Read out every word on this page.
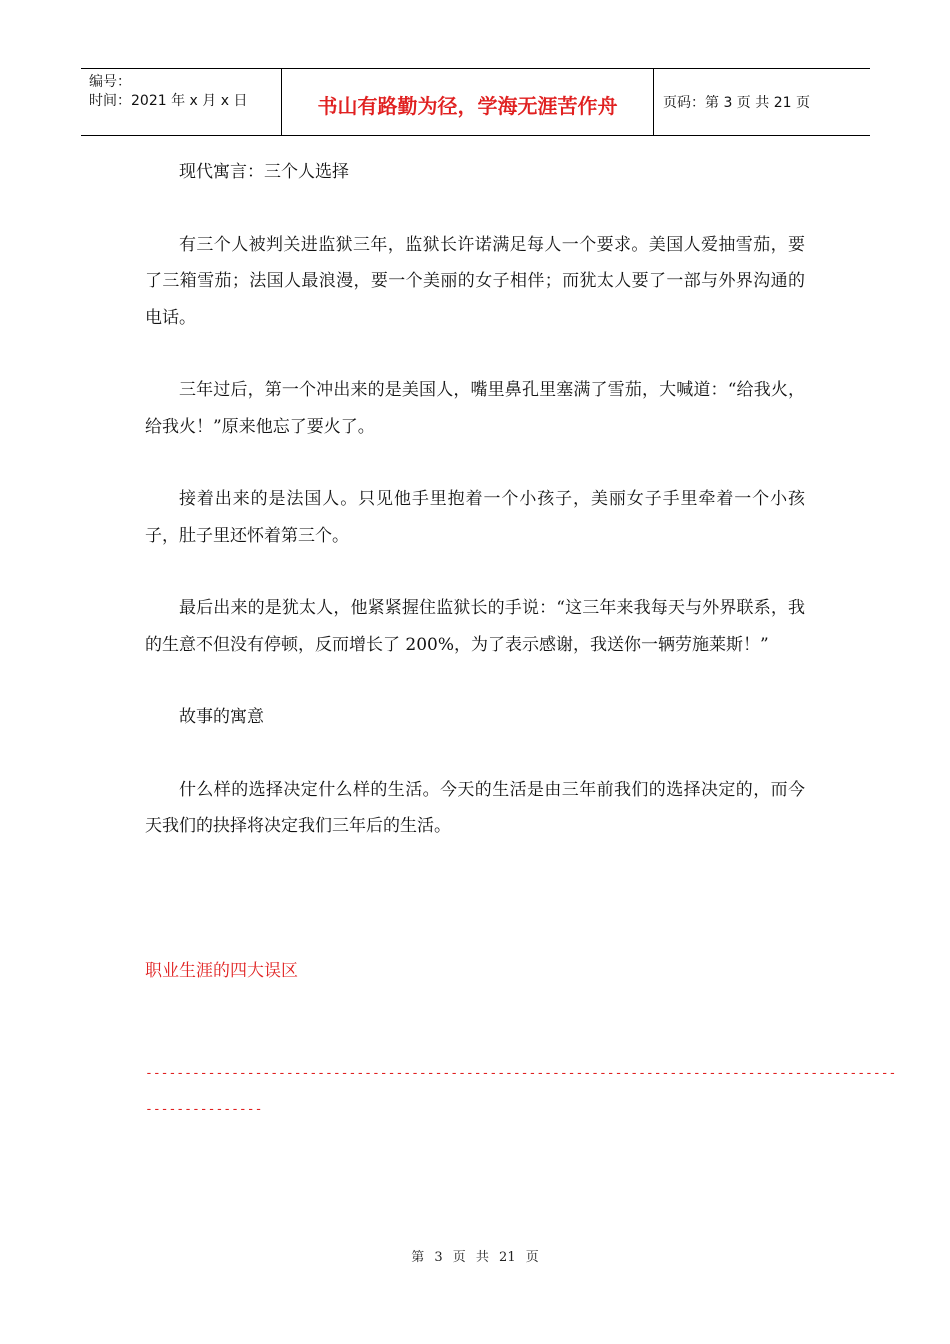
编号：
时间：2021 年 x 月 x 日	书山有路勤为径，学海无涯苦作舟	页码：第 3 页 共 21 页

现代寓言：三个人选择

有三个人被判关进监狱三年，监狱长许诺满足每人一个要求。美国人爱抽雪茄，要了三箱雪茄；法国人最浪漫，要一个美丽的女子相伴；而犹太人要了一部与外界沟通的电话。

三年过后，第一个冲出来的是美国人，嘴里鼻孔里塞满了雪茄，大喊道：“给我火，给我火！”原来他忘了要火了。

接着出来的是法国人。只见他手里抱着一个小孩子，美丽女子手里牵着一个小孩子，肚子里还怀着第三个。

最后出来的是犹太人，他紧紧握住监狱长的手说：“这三年来我每天与外界联系，我的生意不但没有停顿，反而增长了 200%，为了表示感谢，我送你一辆劳施莱斯！”

故事的寓意

什么样的选择决定什么样的生活。今天的生活是由三年前我们的选择决定的，而今天我们的抉择将决定我们三年后的生活。

职业生涯的四大误区
------------------------------------------------------------------------------------------------
---------------
第 3 页 共 21 页
